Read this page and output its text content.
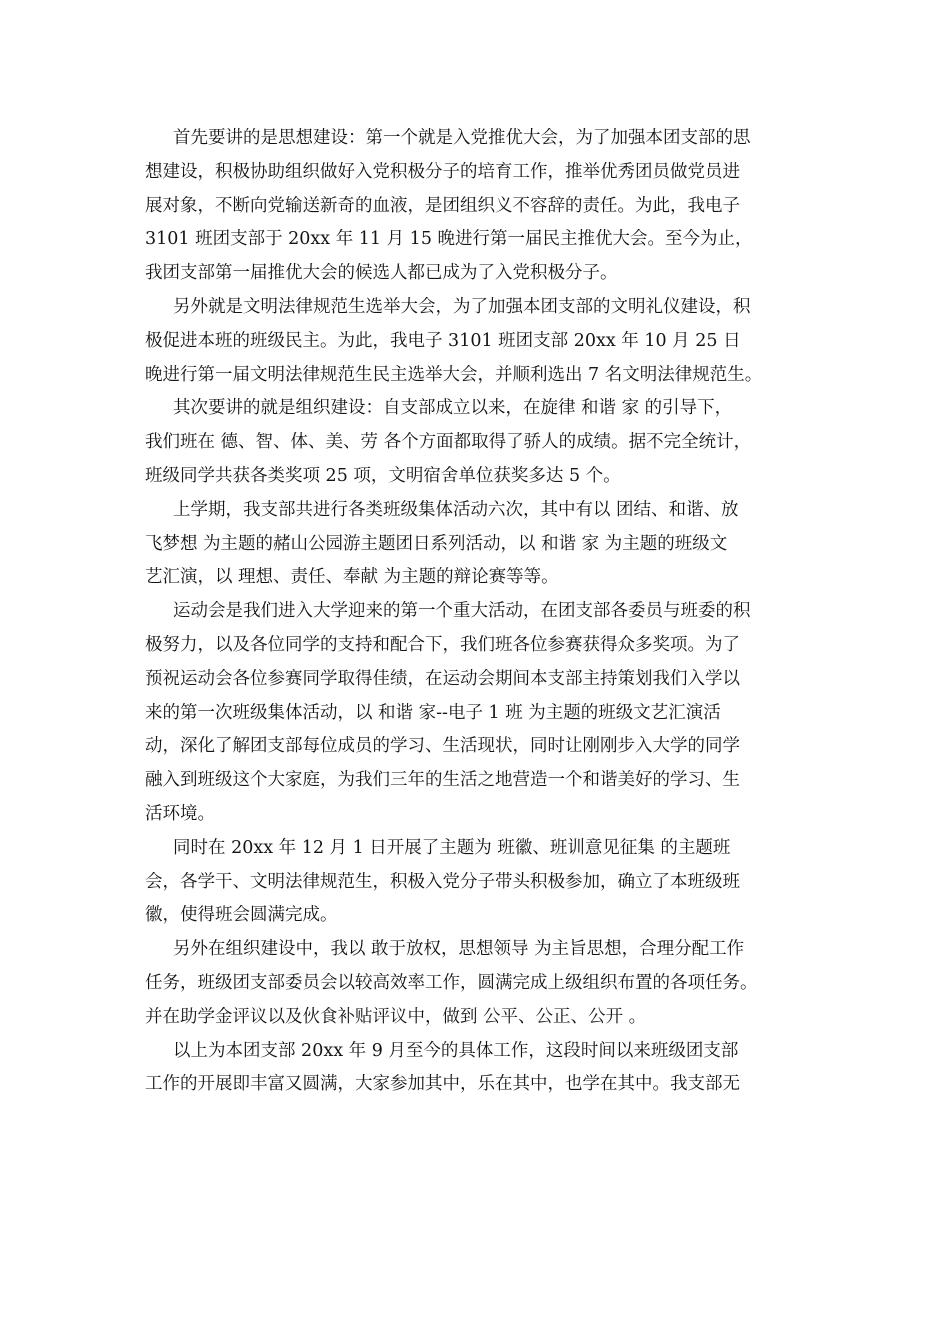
首先要讲的是思想建设：第一个就是入党推优大会，为了加强本团支部的思
想建设，积极协助组织做好入党积极分子的培育工作，推举优秀团员做党员进
展对象，不断向党输送新奇的血液，是团组织义不容辞的责任。为此，我电子
3101 班团支部于 20xx 年 11 月 15 晚进行第一届民主推优大会。至今为止，
我团支部第一届推优大会的候选人都已成为了入党积极分子。
另外就是文明法律规范生选举大会，为了加强本团支部的文明礼仪建设，积
极促进本班的班级民主。为此，我电子 3101 班团支部 20xx 年 10 月 25 日
晚进行第一届文明法律规范生民主选举大会，并顺利选出 7 名文明法律规范生。
其次要讲的就是组织建设：自支部成立以来，在旋律 和谐 家 的引导下，
我们班在 德、智、体、美、劳 各个方面都取得了骄人的成绩。据不完全统计，
班级同学共获各类奖项 25 项，文明宿舍单位获奖多达 5 个。
上学期，我支部共进行各类班级集体活动六次，其中有以 团结、和谐、放
飞梦想 为主题的赭山公园游主题团日系列活动，以 和谐 家 为主题的班级文
艺汇演，以 理想、责任、奉献 为主题的辩论赛等等。
运动会是我们进入大学迎来的第一个重大活动，在团支部各委员与班委的积
极努力，以及各位同学的支持和配合下，我们班各位参赛获得众多奖项。为了
预祝运动会各位参赛同学取得佳绩，在运动会期间本支部主持策划我们入学以
来的第一次班级集体活动，以 和谐 家--电子 1 班 为主题的班级文艺汇演活
动，深化了解团支部每位成员的学习、生活现状，同时让刚刚步入大学的同学
融入到班级这个大家庭，为我们三年的生活之地营造一个和谐美好的学习、生
活环境。
同时在 20xx 年 12 月 1 日开展了主题为 班徽、班训意见征集 的主题班
会，各学干、文明法律规范生，积极入党分子带头积极参加，确立了本班级班
徽，使得班会圆满完成。
另外在组织建设中，我以 敢于放权，思想领导 为主旨思想，合理分配工作
任务，班级团支部委员会以较高效率工作，圆满完成上级组织布置的各项任务。
并在助学金评议以及伙食补贴评议中，做到 公平、公正、公开 。
以上为本团支部 20xx 年 9 月至今的具体工作，这段时间以来班级团支部
工作的开展即丰富又圆满，大家参加其中，乐在其中，也学在其中。我支部无
